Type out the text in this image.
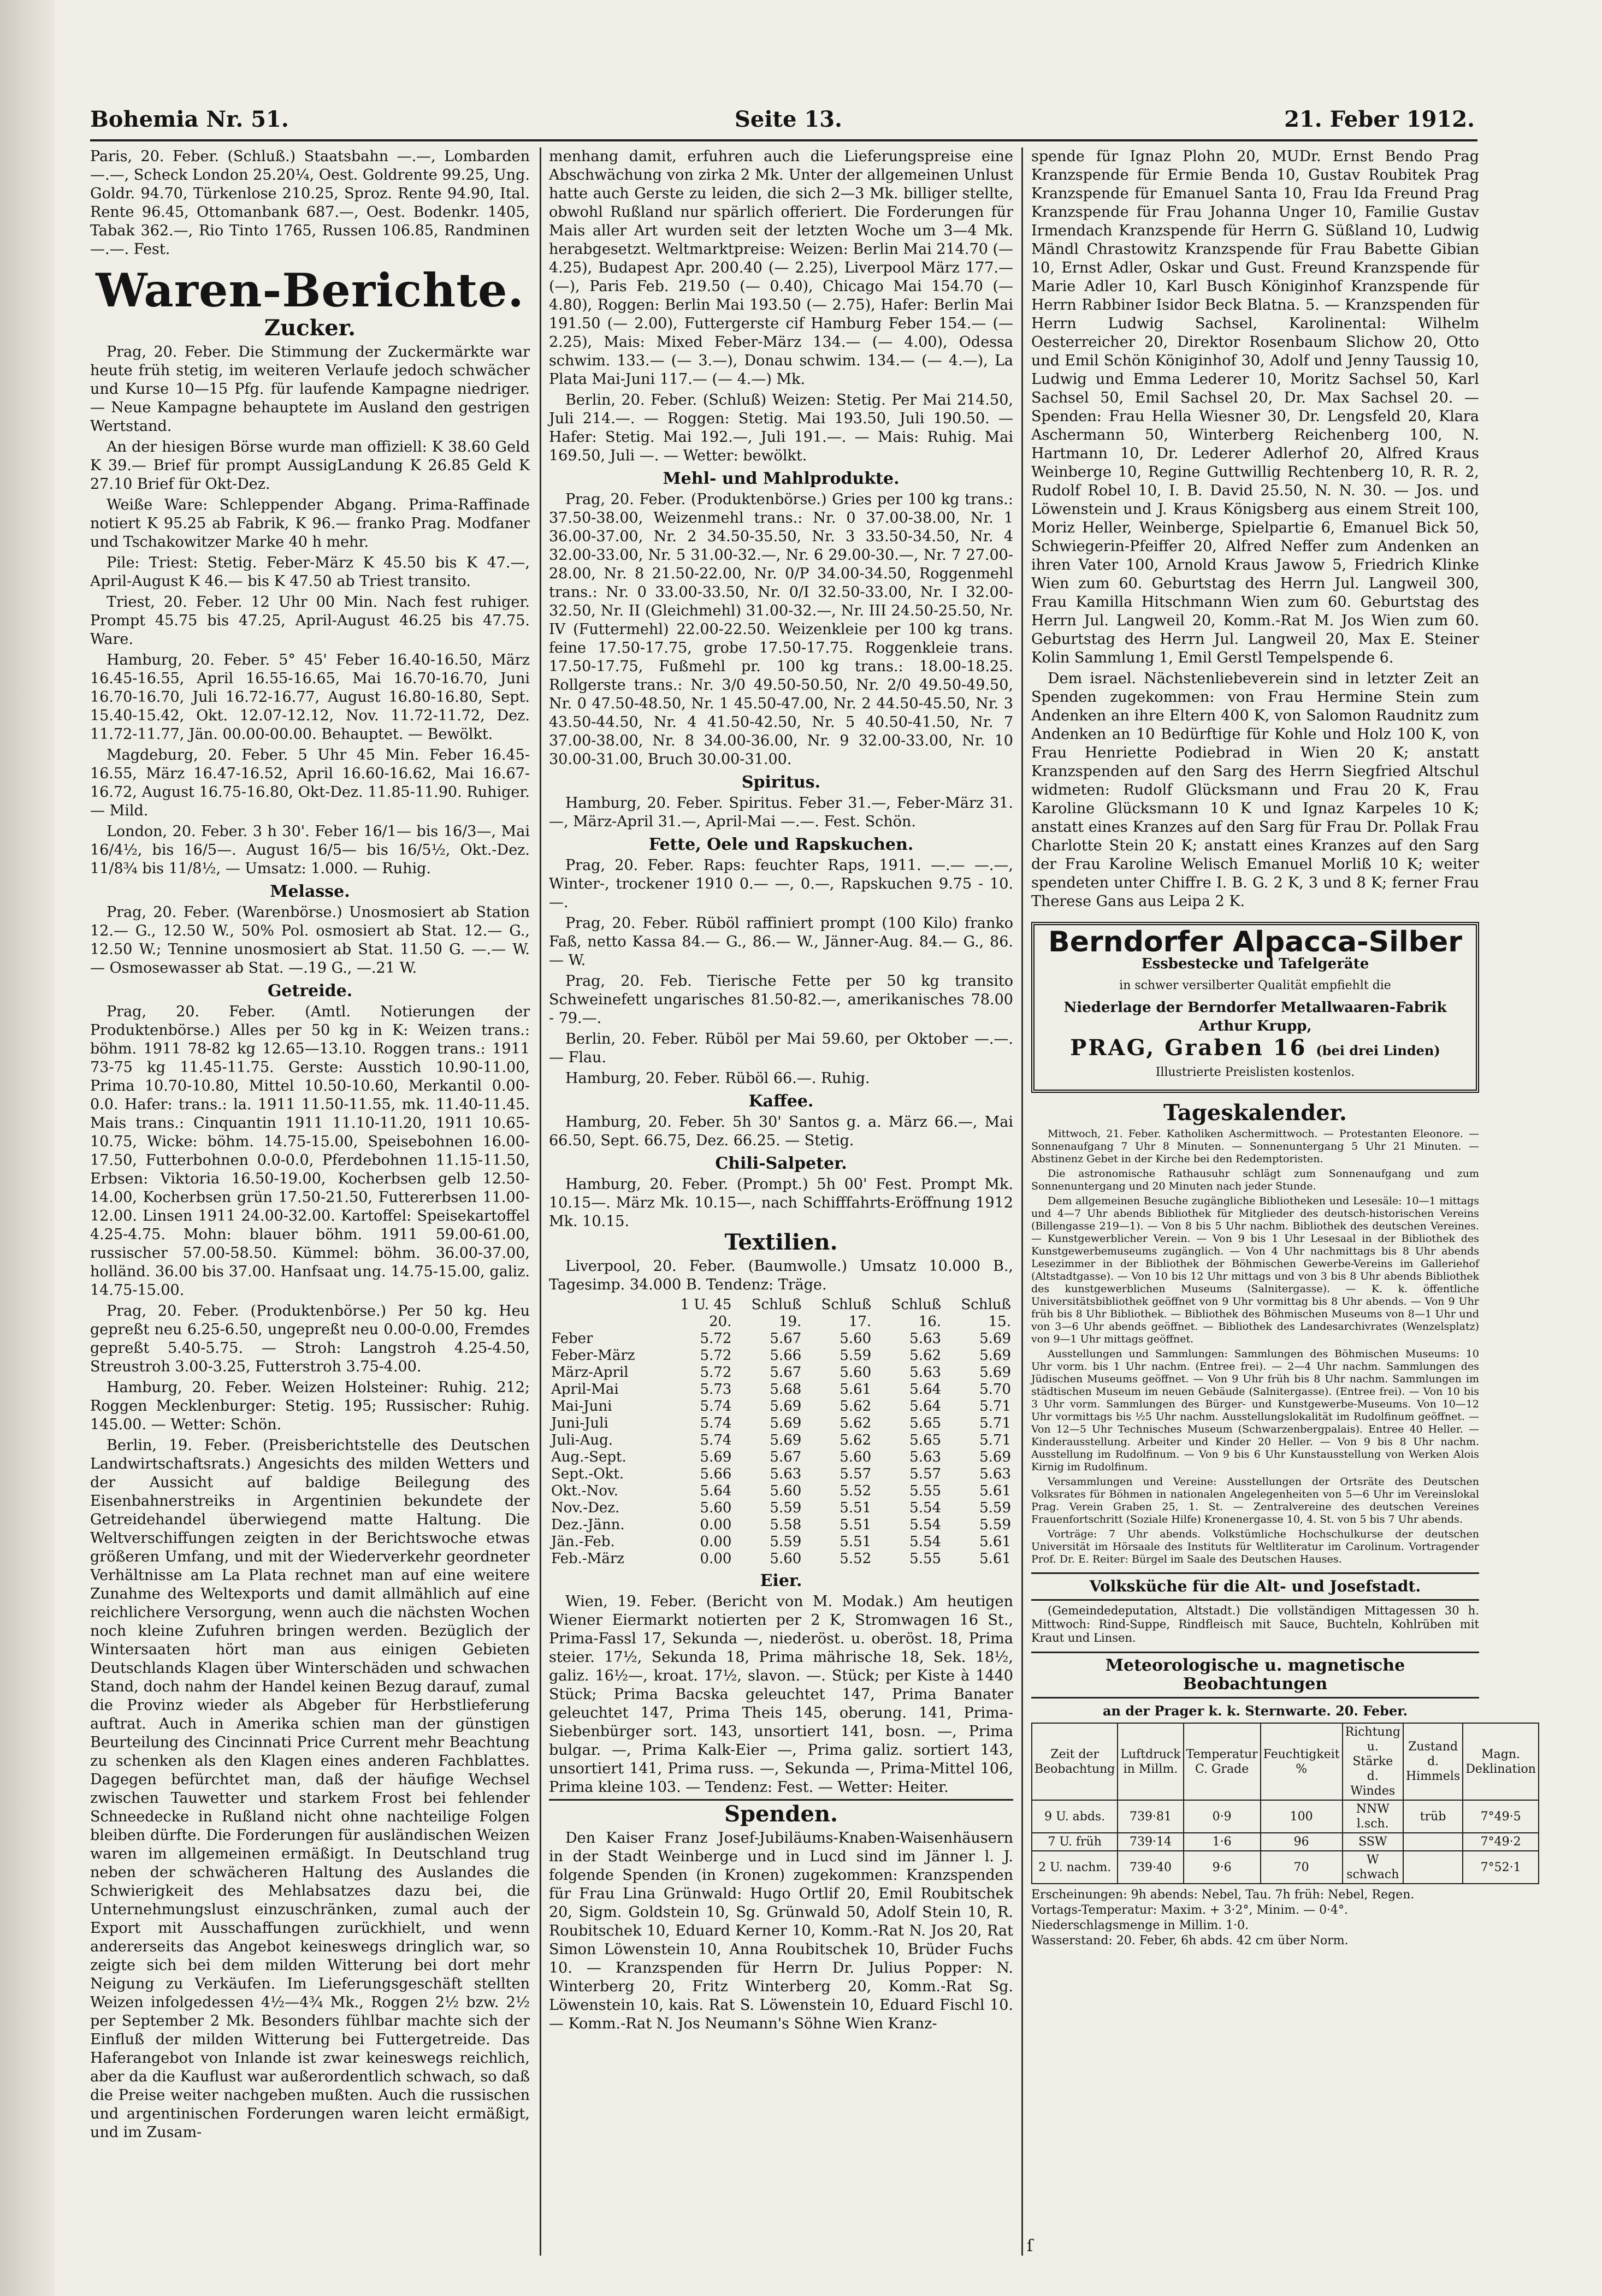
Bohemia Nr. 51.	Seite 13.	21. Feber 1912.

Paris, 20. Feber. (Schluß.) Staatsbahn —.—, Lombarden —.—, Scheck London 25.20¼, Oest. Goldrente 99.25, Ung. Goldr. 94.70, Türkenlose 210.25, Sproz. Rente 94.90, Ital. Rente 96.45, Ottomanbank 687.—, Oest. Bodenkr. 1405, Tabak 362.—, Rio Tinto 1765, Russen 106.85, Randminen —.—. Fest.

Waren-Berichte.
Zucker.

Prag, 20. Feber. Die Stimmung der Zuckermärkte war heute früh stetig, im weiteren Verlaufe jedoch schwächer und Kurse 10—15 Pfg. für laufende Kampagne niedriger. — Neue Kampagne behauptete im Ausland den gestrigen Wertstand.

An der hiesigen Börse wurde man offiziell: K 38.60 Geld K 39.— Brief für prompt AussigLandung K 26.85 Geld K 27.10 Brief für Okt-Dez.

Weiße Ware: Schleppender Abgang. Prima-Raffinade notiert K 95.25 ab Fabrik, K 96.— franko Prag. Modfaner und Tschakowitzer Marke 40 h mehr.

Pile: Triest: Stetig. Feber-März K 45.50 bis K 47.—, April-August K 46.— bis K 47.50 ab Triest transito.

Triest, 20. Feber. 12 Uhr 00 Min. Nach fest ruhiger. Prompt 45.75 bis 47.25, April-August 46.25 bis 47.75. Ware.

Hamburg, 20. Feber. 5° 45' Feber 16.40-16.50, März 16.45-16.55, April 16.55-16.65, Mai 16.70-16.70, Juni 16.70-16.70, Juli 16.72-16.77, August 16.80-16.80, Sept. 15.40-15.42, Okt. 12.07-12.12, Nov. 11.72-11.72, Dez. 11.72-11.77, Jän. 00.00-00.00. Behauptet. — Bewölkt.

Magdeburg, 20. Feber. 5 Uhr 45 Min. Feber 16.45-16.55, März 16.47-16.52, April 16.60-16.62, Mai 16.67-16.72, August 16.75-16.80, Okt-Dez. 11.85-11.90. Ruhiger. — Mild.

London, 20. Feber. 3 h 30'. Feber 16/1— bis 16/3—, Mai 16/4½, bis 16/5—. August 16/5— bis 16/5½, Okt.-Dez. 11/8¾ bis 11/8½, — Umsatz: 1.000. — Ruhig.

Melasse.

Prag, 20. Feber. (Warenbörse.) Unosmosiert ab Station 12.— G., 12.50 W., 50% Pol. osmosiert ab Stat. 12.— G., 12.50 W.; Tennine unosmosiert ab Stat. 11.50 G. —.— W. — Osmosewasser ab Stat. —.19 G., —.21 W.

Getreide.

Prag, 20. Feber. (Amtl. Notierungen der Produktenbörse.) Alles per 50 kg in K: Weizen trans.: böhm. 1911 78-82 kg 12.65—13.10. Roggen trans.: 1911 73-75 kg 11.45-11.75. Gerste: Ausstich 10.90-11.00, Prima 10.70-10.80, Mittel 10.50-10.60, Merkantil 0.00-0.0. Hafer: trans.: la. 1911 11.50-11.55, mk. 11.40-11.45. Mais trans.: Cinquantin 1911 11.10-11.20, 1911 10.65-10.75, Wicke: böhm. 14.75-15.00, Speisebohnen 16.00-17.50, Futterbohnen 0.0-0.0, Pferdebohnen 11.15-11.50, Erbsen: Viktoria 16.50-19.00, Kocherbsen gelb 12.50-14.00, Kocherbsen grün 17.50-21.50, Futtererbsen 11.00-12.00. Linsen 1911 24.00-32.00. Kartoffel: Speisekartoffel 4.25-4.75. Mohn: blauer böhm. 1911 59.00-61.00, russischer 57.00-58.50. Kümmel: böhm. 36.00-37.00, holländ. 36.00 bis 37.00. Hanfsaat ung. 14.75-15.00, galiz. 14.75-15.00.

Prag, 20. Feber. (Produktenbörse.) Per 50 kg. Heu gepreßt neu 6.25-6.50, ungepreßt neu 0.00-0.00, Fremdes gepreßt 5.40-5.75. — Stroh: Langstroh 4.25-4.50, Streustroh 3.00-3.25, Futterstroh 3.75-4.00.

Hamburg, 20. Feber. Weizen Holsteiner: Ruhig. 212; Roggen Mecklenburger: Stetig. 195; Russischer: Ruhig. 145.00. — Wetter: Schön.

Berlin, 19. Feber. (Preisberichtstelle des Deutschen Landwirtschaftsrats.) Angesichts des milden Wetters und der Aussicht auf baldige Beilegung des Eisenbahnerstreiks in Argentinien bekundete der Getreidehandel überwiegend matte Haltung. Die Weltverschiffungen zeigten in der Berichtswoche etwas größeren Umfang, und mit der Wiederverkehr geordneter Verhältnisse am La Plata rechnet man auf eine weitere Zunahme des Weltexports und damit allmählich auf eine reichlichere Versorgung, wenn auch die nächsten Wochen noch kleine Zufuhren bringen werden. Bezüglich der Wintersaaten hört man aus einigen Gebieten Deutschlands Klagen über Winterschäden und schwachen Stand, doch nahm der Handel keinen Bezug darauf, zumal die Provinz wieder als Abgeber für Herbstlieferung auftrat. Auch in Amerika schien man der günstigen Beurteilung des Cincinnati Price Current mehr Beachtung zu schenken als den Klagen eines anderen Fachblattes. Dagegen befürchtet man, daß der häufige Wechsel zwischen Tauwetter und starkem Frost bei fehlender Schneedecke in Rußland nicht ohne nachteilige Folgen bleiben dürfte. Die Forderungen für ausländischen Weizen waren im allgemeinen ermäßigt. In Deutschland trug neben der schwächeren Haltung des Auslandes die Schwierigkeit des Mehlabsatzes dazu bei, die Unternehmungslust einzuschränken, zumal auch der Export mit Ausschaffungen zurückhielt, und wenn andererseits das Angebot keineswegs dringlich war, so zeigte sich bei dem milden Witterung bei dort mehr Neigung zu Verkäufen. Im Lieferungsgeschäft stellten Weizen infolgedessen 4½—4¾ Mk., Roggen 2½ bzw. 2½ per September 2 Mk. Besonders fühlbar machte sich der Einfluß der milden Witterung bei Futtergetreide. Das Haferangebot von Inlande ist zwar keineswegs reichlich, aber da die Kauflust war außerordentlich schwach, so daß die Preise weiter nachgeben mußten. Auch die russischen und argentinischen Forderungen waren leicht ermäßigt, und im Zusam-

menhang damit, erfuhren auch die Lieferungspreise eine Abschwächung von zirka 2 Mk. Unter der allgemeinen Unlust hatte auch Gerste zu leiden, die sich 2—3 Mk. billiger stellte, obwohl Rußland nur spärlich offeriert. Die Forderungen für Mais aller Art wurden seit der letzten Woche um 3—4 Mk. herabgesetzt. Weltmarktpreise: Weizen: Berlin Mai 214.70 (— 4.25), Budapest Apr. 200.40 (— 2.25), Liverpool März 177.— (—), Paris Feb. 219.50 (— 0.40), Chicago Mai 154.70 (— 4.80), Roggen: Berlin Mai 193.50 (— 2.75), Hafer: Berlin Mai 191.50 (— 2.00), Futtergerste cif Hamburg Feber 154.— (— 2.25), Mais: Mixed Feber-März 134.— (— 4.00), Odessa schwim. 133.— (— 3.—), Donau schwim. 134.— (— 4.—), La Plata Mai-Juni 117.— (— 4.—) Mk.

Berlin, 20. Feber. (Schluß) Weizen: Stetig. Per Mai 214.50, Juli 214.—. — Roggen: Stetig. Mai 193.50, Juli 190.50. — Hafer: Stetig. Mai 192.—, Juli 191.—. — Mais: Ruhig. Mai 169.50, Juli —. — Wetter: bewölkt.

Mehl- und Mahlprodukte.

Prag, 20. Feber. (Produktenbörse.) Gries per 100 kg trans.: 37.50-38.00, Weizenmehl trans.: Nr. 0 37.00-38.00, Nr. 1 36.00-37.00, Nr. 2 34.50-35.50, Nr. 3 33.50-34.50, Nr. 4 32.00-33.00, Nr. 5 31.00-32.—, Nr. 6 29.00-30.—, Nr. 7 27.00-28.00, Nr. 8 21.50-22.00, Nr. 0/P 34.00-34.50, Roggenmehl trans.: Nr. 0 33.00-33.50, Nr. 0/I 32.50-33.00, Nr. I 32.00-32.50, Nr. II (Gleichmehl) 31.00-32.—, Nr. III 24.50-25.50, Nr. IV (Futtermehl) 22.00-22.50. Weizenkleie per 100 kg trans. feine 17.50-17.75, grobe 17.50-17.75. Roggenkleie trans. 17.50-17.75, Fußmehl pr. 100 kg trans.: 18.00-18.25. Rollgerste trans.: Nr. 3/0 49.50-50.50, Nr. 2/0 49.50-49.50, Nr. 0 47.50-48.50, Nr. 1 45.50-47.00, Nr. 2 44.50-45.50, Nr. 3 43.50-44.50, Nr. 4 41.50-42.50, Nr. 5 40.50-41.50, Nr. 7 37.00-38.00, Nr. 8 34.00-36.00, Nr. 9 32.00-33.00, Nr. 10 30.00-31.00, Bruch 30.00-31.00.

Spiritus.

Hamburg, 20. Feber. Spiritus. Feber 31.—, Feber-März 31.—, März-April 31.—, April-Mai —.—. Fest. Schön.

Fette, Oele und Rapskuchen.

Prag, 20. Feber. Raps: feuchter Raps, 1911. —.— —.—, Winter-, trockener 1910 0.— —, 0.—, Rapskuchen 9.75 - 10.—.

Prag, 20. Feber. Rüböl raffiniert prompt (100 Kilo) franko Faß, netto Kassa 84.— G., 86.— W., Jänner-Aug. 84.— G., 86.— W.

Prag, 20. Feb. Tierische Fette per 50 kg transito Schweinefett ungarisches 81.50-82.—, amerikanisches 78.00 - 79.—.

Berlin, 20. Feber. Rüböl per Mai 59.60, per Oktober —.—. — Flau.

Hamburg, 20. Feber. Rüböl 66.—. Ruhig.

Kaffee.

Hamburg, 20. Feber. 5h 30' Santos g. a. März 66.—, Mai 66.50, Sept. 66.75, Dez. 66.25. — Stetig.

Chili-Salpeter.

Hamburg, 20. Feber. (Prompt.) 5h 00' Fest. Prompt Mk. 10.15—. März Mk. 10.15—, nach Schifffahrts-Eröffnung 1912 Mk. 10.15.

Textilien.

Liverpool, 20. Feber. (Baumwolle.) Umsatz 10.000 B., Tagesimp. 34.000 B. Tendenz: Träge.

	1 U. 45	Schluß	Schluß	Schluß	Schluß
	20.	19.	17.	16.	15.
Feber	5.72	5.67	5.60	5.63	5.69
Feber-März	5.72	5.66	5.59	5.62	5.69
März-April	5.72	5.67	5.60	5.63	5.69
April-Mai	5.73	5.68	5.61	5.64	5.70
Mai-Juni	5.74	5.69	5.62	5.64	5.71
Juni-Juli	5.74	5.69	5.62	5.65	5.71
Juli-Aug.	5.74	5.69	5.62	5.65	5.71
Aug.-Sept.	5.69	5.67	5.60	5.63	5.69
Sept.-Okt.	5.66	5.63	5.57	5.57	5.63
Okt.-Nov.	5.64	5.60	5.52	5.55	5.61
Nov.-Dez.	5.60	5.59	5.51	5.54	5.59
Dez.-Jänn.	0.00	5.58	5.51	5.54	5.59
Jän.-Feb.	0.00	5.59	5.51	5.54	5.61
Feb.-März	0.00	5.60	5.52	5.55	5.61
Eier.

Wien, 19. Feber. (Bericht von M. Modak.) Am heutigen Wiener Eiermarkt notierten per 2 K, Stromwagen 16 St., Prima-Fassl 17, Sekunda —, niederöst. u. oberöst. 18, Prima steier. 17½, Sekunda 18, Prima mährische 18, Sek. 18½, galiz. 16½—, kroat. 17½, slavon. —. Stück; per Kiste à 1440 Stück; Prima Bacska geleuchtet 147, Prima Banater geleuchtet 147, Prima Theis 145, oberung. 141, Prima-Siebenbürger sort. 143, unsortiert 141, bosn. —, Prima bulgar. —, Prima Kalk-Eier —, Prima galiz. sortiert 143, unsortiert 141, Prima russ. —, Sekunda —, Prima-Mittel 106, Prima kleine 103. — Tendenz: Fest. — Wetter: Heiter.

Spenden.

Den Kaiser Franz Josef-Jubiläums-Knaben-Waisenhäusern in der Stadt Weinberge und in Lucd sind im Jänner l. J. folgende Spenden (in Kronen) zugekommen: Kranzspenden für Frau Lina Grünwald: Hugo Ortlif 20, Emil Roubitschek 20, Sigm. Goldstein 10, Sg. Grünwald 50, Adolf Stein 10, R. Roubitschek 10, Eduard Kerner 10, Komm.-Rat N. Jos 20, Rat Simon Löwenstein 10, Anna Roubitschek 10, Brüder Fuchs 10. — Kranzspenden für Herrn Dr. Julius Popper: N. Winterberg 20, Fritz Winterberg 20, Komm.-Rat Sg. Löwenstein 10, kais. Rat S. Löwenstein 10, Eduard Fischl 10. — Komm.-Rat N. Jos Neumann's Söhne Wien Kranz-

spende für Ignaz Plohn 20, MUDr. Ernst Bendo Prag Kranzspende für Ermie Benda 10, Gustav Roubitek Prag Kranzspende für Emanuel Santa 10, Frau Ida Freund Prag Kranzspende für Frau Johanna Unger 10, Familie Gustav Irmendach Kranzspende für Herrn G. Süßland 10, Ludwig Mändl Chrastowitz Kranzspende für Frau Babette Gibian 10, Ernst Adler, Oskar und Gust. Freund Kranzspende für Marie Adler 10, Karl Busch Königinhof Kranzspende für Herrn Rabbiner Isidor Beck Blatna. 5. — Kranzspenden für Herrn Ludwig Sachsel, Karolinental: Wilhelm Oesterreicher 20, Direktor Rosenbaum Slichow 20, Otto und Emil Schön Königinhof 30, Adolf und Jenny Taussig 10, Ludwig und Emma Lederer 10, Moritz Sachsel 50, Karl Sachsel 50, Emil Sachsel 20, Dr. Max Sachsel 20. — Spenden: Frau Hella Wiesner 30, Dr. Lengsfeld 20, Klara Aschermann 50, Winterberg Reichenberg 100, N. Hartmann 10, Dr. Lederer Adlerhof 20, Alfred Kraus Weinberge 10, Regine Guttwillig Rechtenberg 10, R. R. 2, Rudolf Robel 10, I. B. David 25.50, N. N. 30. — Jos. und Löwenstein und J. Kraus Königsberg aus einem Streit 100, Moriz Heller, Weinberge, Spielpartie 6, Emanuel Bick 50, Schwiegerin-Pfeiffer 20, Alfred Neffer zum Andenken an ihren Vater 100, Arnold Kraus Jawow 5, Friedrich Klinke Wien zum 60. Geburtstag des Herrn Jul. Langweil 300, Frau Kamilla Hitschmann Wien zum 60. Geburtstag des Herrn Jul. Langweil 20, Komm.-Rat M. Jos Wien zum 60. Geburtstag des Herrn Jul. Langweil 20, Max E. Steiner Kolin Sammlung 1, Emil Gerstl Tempelspende 6.

Dem israel. Nächstenliebeverein sind in letzter Zeit an Spenden zugekommen: von Frau Hermine Stein zum Andenken an ihre Eltern 400 K, von Salomon Raudnitz zum Andenken an 10 Bedürftige für Kohle und Holz 100 K, von Frau Henriette Podiebrad in Wien 20 K; anstatt Kranzspenden auf den Sarg des Herrn Siegfried Altschul widmeten: Rudolf Glücksmann und Frau 20 K, Frau Karoline Glücksmann 10 K und Ignaz Karpeles 10 K; anstatt eines Kranzes auf den Sarg für Frau Dr. Pollak Frau Charlotte Stein 20 K; anstatt eines Kranzes auf den Sarg der Frau Karoline Welisch Emanuel Morliß 10 K; weiter spendeten unter Chiffre I. B. G. 2 K, 3 und 8 K; ferner Frau Therese Gans aus Leipa 2 K.

Berndorfer Alpacca-Silber
Essbestecke und Tafelgeräte
in schwer versilberter Qualität empfiehlt die
Niederlage der Berndorfer Metallwaaren-Fabrik Arthur Krupp,
PRAG, Graben 16 (bei drei Linden)
Illustrierte Preislisten kostenlos.
Tageskalender.

Mittwoch, 21. Feber. Katholiken Aschermittwoch. — Protestanten Eleonore. — Sonnenaufgang 7 Uhr 8 Minuten. — Sonnenuntergang 5 Uhr 21 Minuten. — Abstinenz Gebet in der Kirche bei den Redemptoristen.

Die astronomische Rathausuhr schlägt zum Sonnenaufgang und zum Sonnenuntergang und 20 Minuten nach jeder Stunde.

Dem allgemeinen Besuche zugängliche Bibliotheken und Lesesäle: 10—1 mittags und 4—7 Uhr abends Bibliothek für Mitglieder des deutsch-historischen Vereins (Billengasse 219—1). — Von 8 bis 5 Uhr nachm. Bibliothek des deutschen Vereines. — Kunstgewerblicher Verein. — Von 9 bis 1 Uhr Lesesaal in der Bibliothek des Kunstgewerbemuseums zugänglich. — Von 4 Uhr nachmittags bis 8 Uhr abends Lesezimmer in der Bibliothek der Böhmischen Gewerbe-Vereins im Galleriehof (Altstadtgasse). — Von 10 bis 12 Uhr mittags und von 3 bis 8 Uhr abends Bibliothek des kunstgewerblichen Museums (Salnitergasse). — K. k. öffentliche Universitätsbibliothek geöffnet von 9 Uhr vormittag bis 8 Uhr abends. — Von 9 Uhr früh bis 8 Uhr Bibliothek. — Bibliothek des Böhmischen Museums von 8—1 Uhr und von 3—6 Uhr abends geöffnet. — Bibliothek des Landesarchivrates (Wenzelsplatz) von 9—1 Uhr mittags geöffnet.

Ausstellungen und Sammlungen: Sammlungen des Böhmischen Museums: 10 Uhr vorm. bis 1 Uhr nachm. (Entree frei). — 2—4 Uhr nachm. Sammlungen des Jüdischen Museums geöffnet. — Von 9 Uhr früh bis 8 Uhr nachm. Sammlungen im städtischen Museum im neuen Gebäude (Salnitergasse). (Entree frei). — Von 10 bis 3 Uhr vorm. Sammlungen des Bürger- und Kunstgewerbe-Museums. Von 10—12 Uhr vormittags bis ½5 Uhr nachm. Ausstellungslokalität im Rudolfinum geöffnet. — Von 12—5 Uhr Technisches Museum (Schwarzenbergpalais). Entree 40 Heller. — Kinderausstellung. Arbeiter und Kinder 20 Heller. — Von 9 bis 8 Uhr nachm. Ausstellung im Rudolfinum. — Von 9 bis 6 Uhr Kunstausstellung von Werken Alois Kirnig im Rudolfinum.

Versammlungen und Vereine: Ausstellungen der Ortsräte des Deutschen Volksrates für Böhmen in nationalen Angelegenheiten von 5—6 Uhr im Vereinslokal Prag. Verein Graben 25, 1. St. — Zentralvereine des deutschen Vereines Frauenfortschritt (Soziale Hilfe) Kronenergasse 10, 4. St. von 5 bis 7 Uhr abends.

Vorträge: 7 Uhr abends. Volkstümliche Hochschulkurse der deutschen Universität im Hörsaale des Instituts für Weltliteratur im Carolinum. Vortragender Prof. Dr. E. Reiter: Bürgel im Saale des Deutschen Hauses.

Volksküche für die Alt- und Josefstadt.

(Gemeindedeputation, Altstadt.) Die vollständigen Mittagessen 30 h. Mittwoch: Rind-Suppe, Rindfleisch mit Sauce, Buchteln, Kohlrüben mit Kraut und Linsen.

Meteorologische u. magnetische Beobachtungen
an der Prager k. k. Sternwarte. 20. Feber.
Zeit der Beobachtung	Luftdruck in Millm.	Temperatur C. Grade	Feuchtigkeit %	Richtung u. Stärke d. Windes	Zustand d. Himmels	Magn. Deklination
9 U. abds.	739·81	0·9	100	NNW l.sch.	trüb	7°49·5
7 U. früh	739·14	1·6	96	SSW		7°49·2
2 U. nachm.	739·40	9·6	70	W schwach		7°52·1
Erscheinungen: 9h abends: Nebel, Tau. 7h früh: Nebel, Regen.
Vortags-Temperatur: Maxim. + 3·2°, Minim. — 0·4°.
Niederschlagsmenge in Millim. 1·0.
Wasserstand: 20. Feber, 6h abds. 42 cm über Norm.
ſ
